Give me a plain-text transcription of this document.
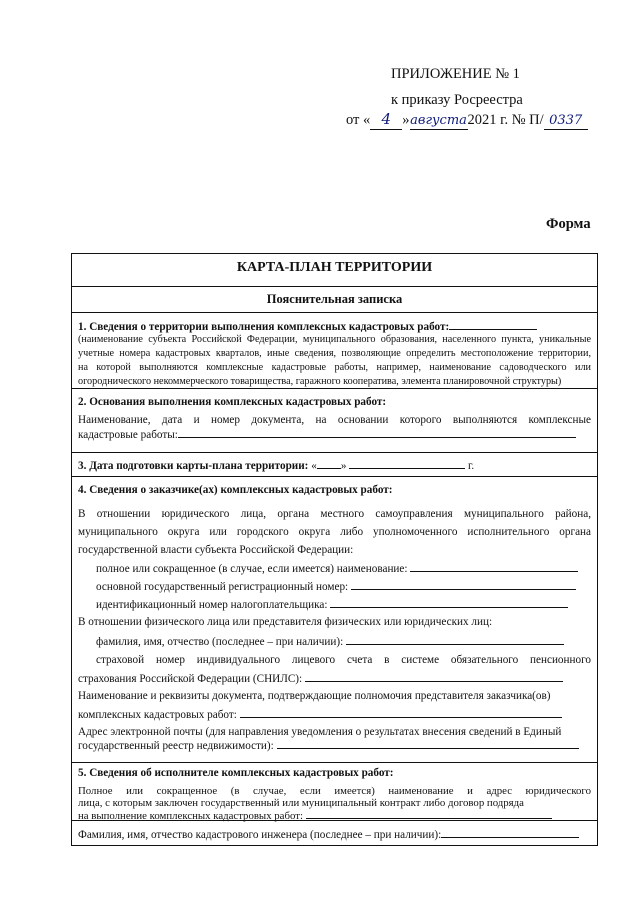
ПРИЛОЖЕНИЕ № 1
к приказу Росреестра
от « 4 »августа2021 г. № П/ 0337
Форма
КАРТА-ПЛАН ТЕРРИТОРИИ
Пояснительная записка
1. Сведения о территории выполнения комплексных кадастровых работ:
(наименование субъекта Российской Федерации, муниципального образования, населенного пункта, уникальные
учетные номера кадастровых кварталов, иные сведения, позволяющие определить местоположение территории,
на которой выполняются комплексные кадастровые работы, например, наименование садоводческого или
огороднического некоммерческого товарищества, гаражного кооператива, элемента планировочной структуры)
2. Основания выполнения комплексных кадастровых работ:
Наименование, дата и номер документа, на основании которого выполняются комплексные
кадастровые работы:
3. Дата подготовки карты-плана территории: « »	г.
4. Сведения о заказчике(ах) комплексных кадастровых работ:
В отношении юридического лица, органа местного самоуправления муниципального района,
муниципального округа или городского округа либо уполномоченного исполнительного органа
государственной власти субъекта Российской Федерации:
полное или сокращенное (в случае, если имеется) наименование:
основной государственный регистрационный номер:
идентификационный номер налогоплательщика:
В отношении физического лица или представителя физических или юридических лиц:
фамилия, имя, отчество (последнее – при наличии):
страховой номер индивидуального лицевого счета в системе обязательного пенсионного
страхования Российской Федерации (СНИЛС):
Наименование и реквизиты документа, подтверждающие полномочия представителя заказчика(ов)
комплексных кадастровых работ:
Адрес электронной почты (для направления уведомления о результатах внесения сведений в Единый
государственный реестр недвижимости):
5. Сведения об исполнителе комплексных кадастровых работ:
Полное или сокращенное (в случае, если имеется) наименование и адрес юридического
лица, с которым заключен государственный или муниципальный контракт либо договор подряда
на выполнение комплексных кадастровых работ:
Фамилия, имя, отчество кадастрового инженера (последнее – при наличии):
